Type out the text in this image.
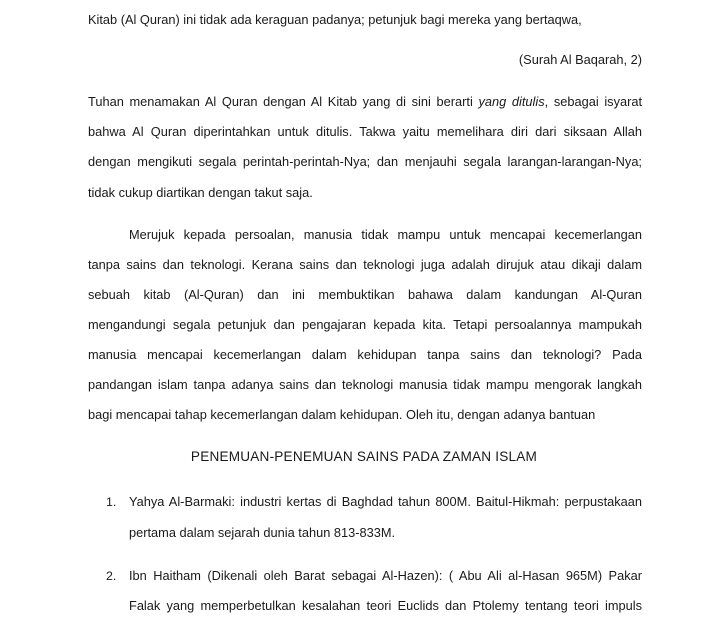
Kitab (Al Quran) ini tidak ada keraguan padanya; petunjuk bagi mereka yang bertaqwa,
(Surah Al Baqarah, 2)
Tuhan menamakan Al Quran dengan Al Kitab yang di sini berarti yang ditulis, sebagai isyarat
bahwa Al Quran diperintahkan untuk ditulis. Takwa yaitu memelihara diri dari siksaan Allah
dengan mengikuti segala perintah-perintah-Nya; dan menjauhi segala larangan-larangan-Nya;
tidak cukup diartikan dengan takut saja.
Merujuk kepada persoalan, manusia tidak mampu untuk mencapai kecemerlangan
tanpa sains dan teknologi. Kerana sains dan teknologi juga adalah dirujuk atau dikaji dalam
sebuah kitab (Al-Quran) dan ini membuktikan bahawa dalam kandungan Al-Quran
mengandungi segala petunjuk dan pengajaran kepada kita. Tetapi persoalannya mampukah
manusia mencapai kecemerlangan dalam kehidupan tanpa sains dan teknologi? Pada
pandangan islam tanpa adanya sains dan teknologi manusia tidak mampu mengorak langkah
bagi mencapai tahap kecemerlangan dalam kehidupan. Oleh itu, dengan adanya bantuan
PENEMUAN-PENEMUAN SAINS PADA ZAMAN ISLAM
1. Yahya Al-Barmaki: industri kertas di Baghdad tahun 800M. Baitul-Hikmah: perpustakaan
pertama dalam sejarah dunia tahun 813-833M.
2. Ibn Haitham (Dikenali oleh Barat sebagai Al-Hazen): ( Abu Ali al-Hasan 965M) Pakar
Falak yang memperbetulkan kesalahan teori Euclids dan Ptolemy tentang teori impuls
